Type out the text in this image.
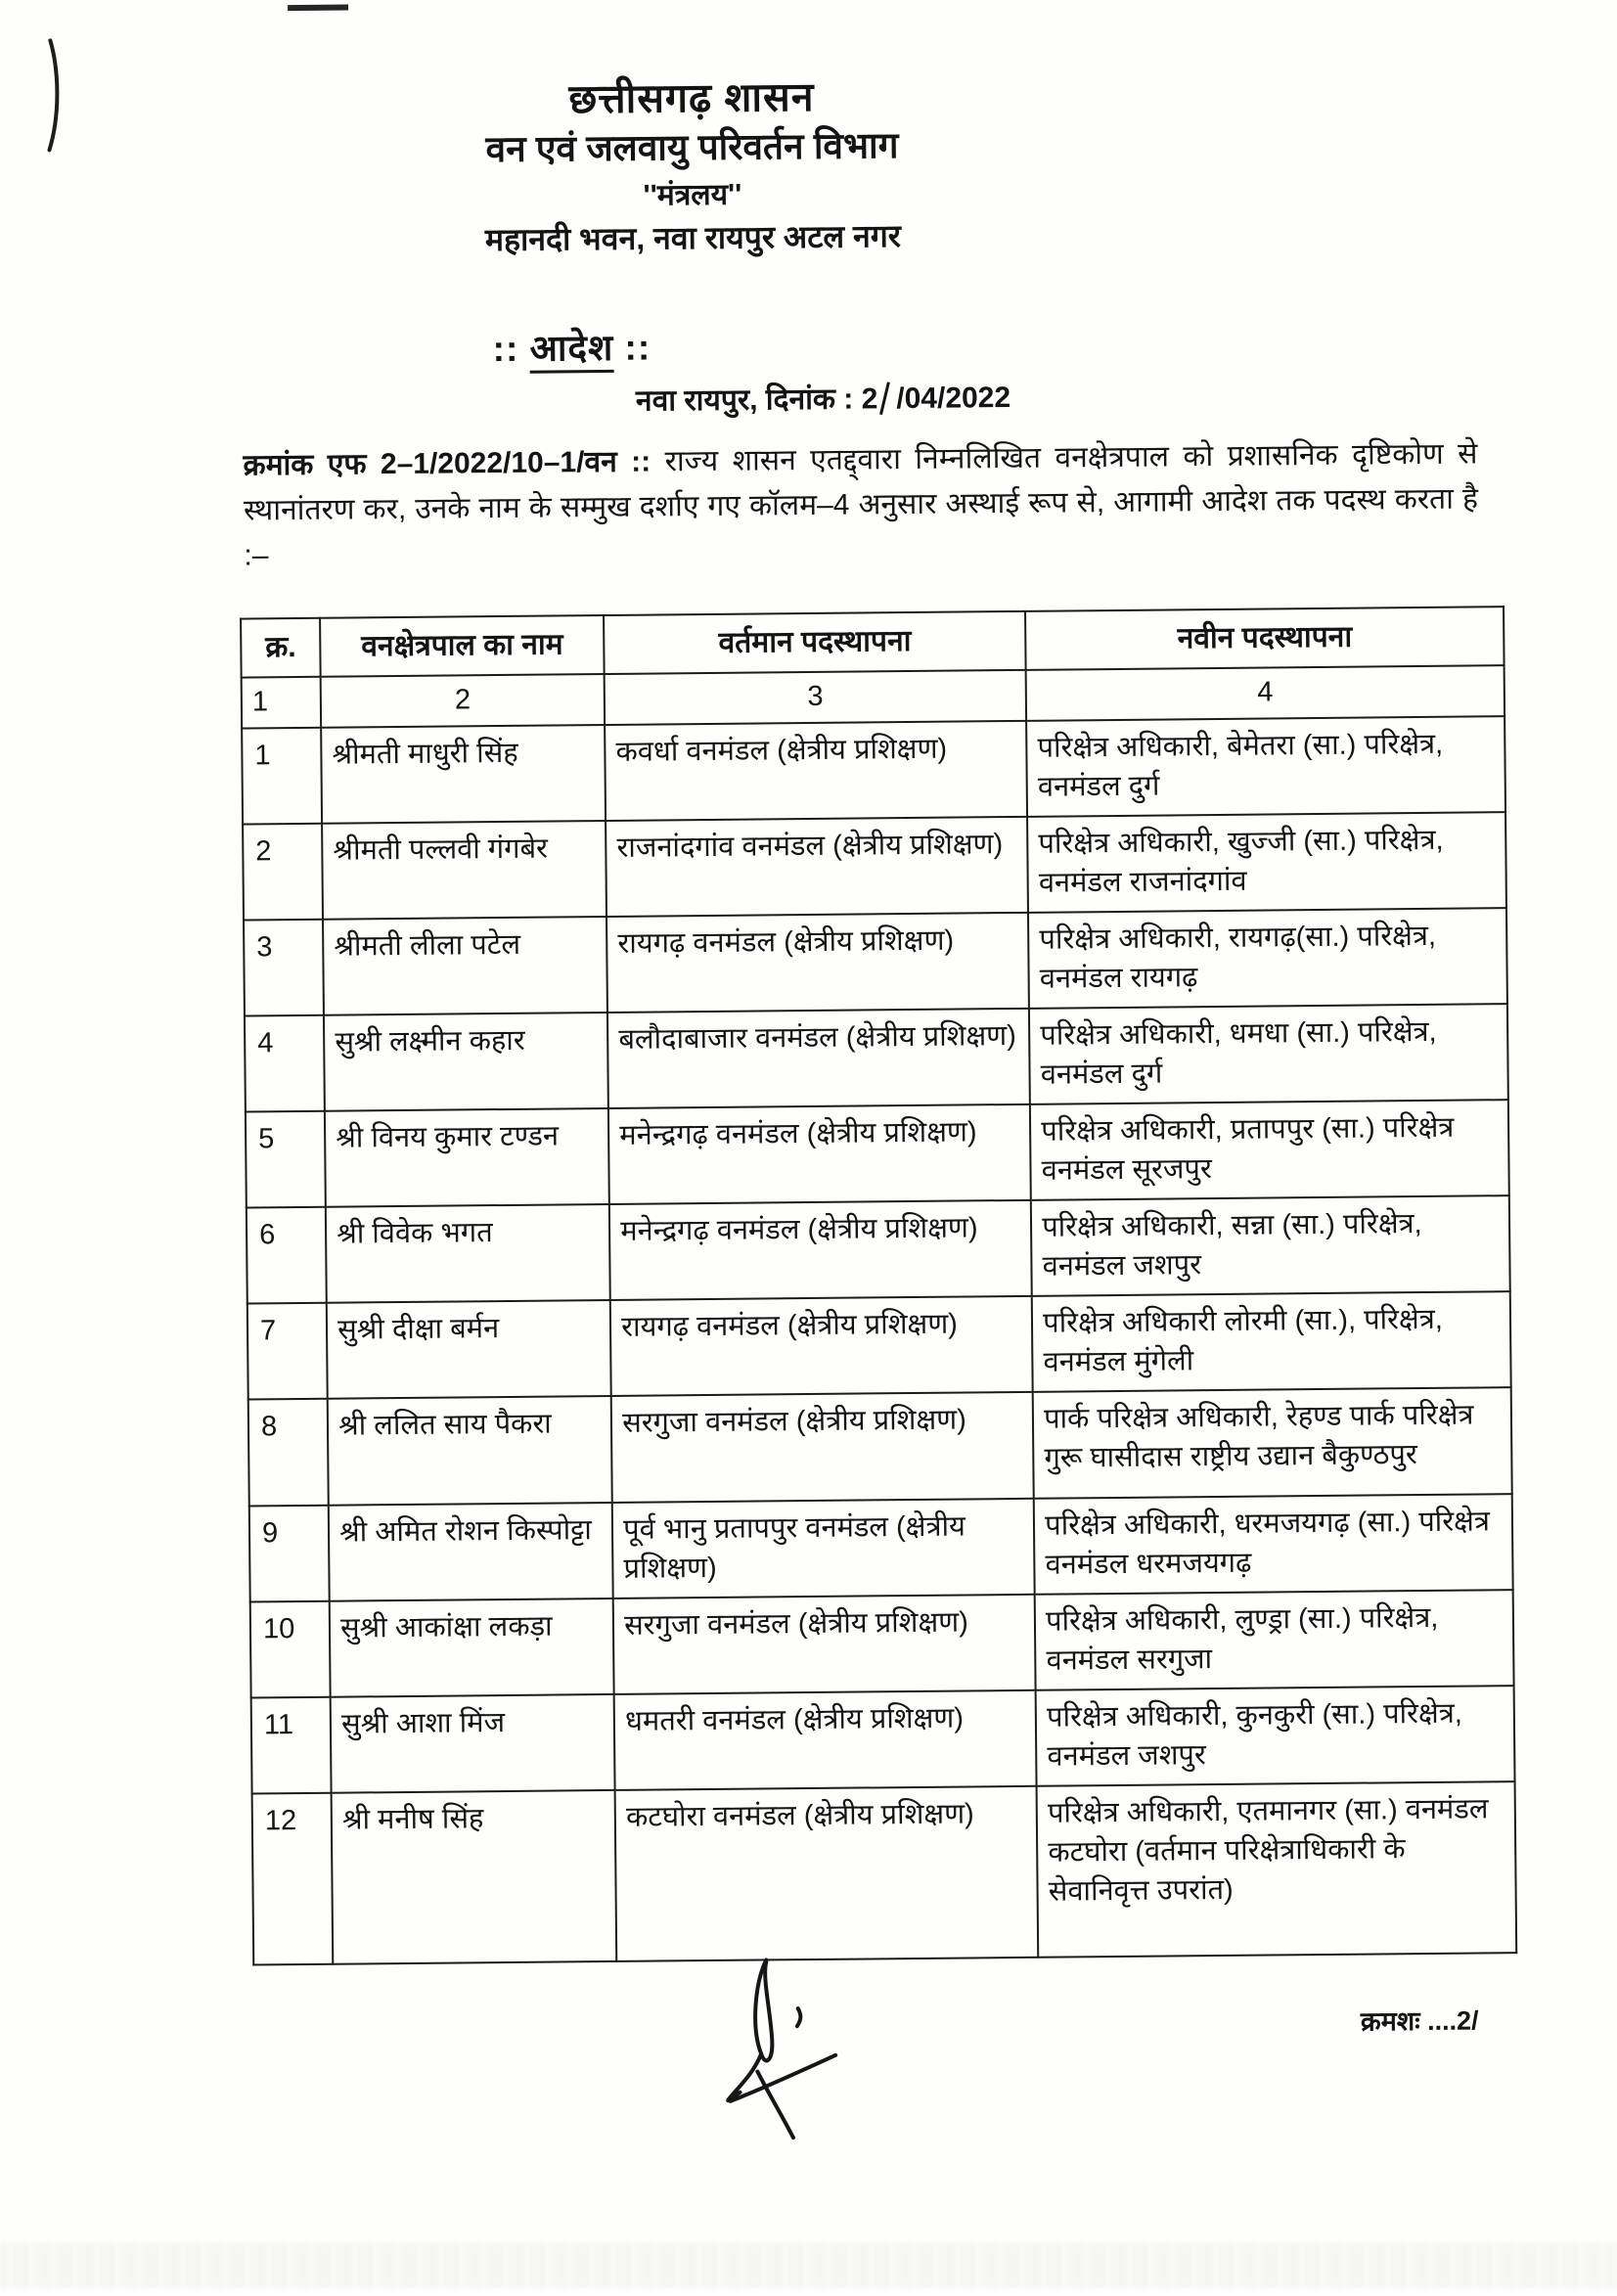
छत्तीसगढ़ शासन
वन एवं जलवायु परिवर्तन विभाग
''मंत्रलय''
महानदी भवन, नवा रायपुर अटल नगर
:: आदेश ::
नवा रायपुर, दिनांक : 2 /04/2022
क्रमांक एफ 2–1/2022/10–1/वन :: राज्य शासन एतद्द्वारा निम्नलिखित वनक्षेत्रपाल को प्रशासनिक दृष्टिकोण से स्थानांतरण कर, उनके नाम के सम्मुख दर्शाए गए कॉलम–4 अनुसार अस्थाई रूप से, आगामी आदेश तक पदस्थ करता है :–
क्र.	वनक्षेत्रपाल का नाम	वर्तमान पदस्थापना	नवीन पदस्थापना
1	2	3	4
1	श्रीमती माधुरी सिंह	कवर्धा वनमंडल (क्षेत्रीय प्रशिक्षण)	परिक्षेत्र अधिकारी, बेमेतरा (सा.) परिक्षेत्र, वनमंडल दुर्ग
2	श्रीमती पल्लवी गंगबेर	राजनांदगांव वनमंडल (क्षेत्रीय प्रशिक्षण)	परिक्षेत्र अधिकारी, खुज्जी (सा.) परिक्षेत्र, वनमंडल राजनांदगांव
3	श्रीमती लीला पटेल	रायगढ़ वनमंडल (क्षेत्रीय प्रशिक्षण)	परिक्षेत्र अधिकारी, रायगढ़(सा.) परिक्षेत्र, वनमंडल रायगढ़
4	सुश्री लक्ष्मीन कहार	बलौदाबाजार वनमंडल (क्षेत्रीय प्रशिक्षण)	परिक्षेत्र अधिकारी, धमधा (सा.) परिक्षेत्र, वनमंडल दुर्ग
5	श्री विनय कुमार टण्डन	मनेन्द्रगढ़ वनमंडल (क्षेत्रीय प्रशिक्षण)	परिक्षेत्र अधिकारी, प्रतापपुर (सा.) परिक्षेत्र वनमंडल सूरजपुर
6	श्री विवेक भगत	मनेन्द्रगढ़ वनमंडल (क्षेत्रीय प्रशिक्षण)	परिक्षेत्र अधिकारी, सन्ना (सा.) परिक्षेत्र, वनमंडल जशपुर
7	सुश्री दीक्षा बर्मन	रायगढ़ वनमंडल (क्षेत्रीय प्रशिक्षण)	परिक्षेत्र अधिकारी लोरमी (सा.), परिक्षेत्र, वनमंडल मुंगेली
8	श्री ललित साय पैकरा	सरगुजा वनमंडल (क्षेत्रीय प्रशिक्षण)	पार्क परिक्षेत्र अधिकारी, रेहण्ड पार्क परिक्षेत्र गुरू घासीदास राष्ट्रीय उद्यान बैकुण्ठपुर
9	श्री अमित रोशन किस्पोट्टा	पूर्व भानु प्रतापपुर वनमंडल (क्षेत्रीय प्रशिक्षण)	परिक्षेत्र अधिकारी, धरमजयगढ़ (सा.) परिक्षेत्र वनमंडल धरमजयगढ़
10	सुश्री आकांक्षा लकड़ा	सरगुजा वनमंडल (क्षेत्रीय प्रशिक्षण)	परिक्षेत्र अधिकारी, लुण्ड्रा (सा.) परिक्षेत्र, वनमंडल सरगुजा
11	सुश्री आशा मिंज	धमतरी वनमंडल (क्षेत्रीय प्रशिक्षण)	परिक्षेत्र अधिकारी, कुनकुरी (सा.) परिक्षेत्र, वनमंडल जशपुर
12	श्री मनीष सिंह	कटघोरा वनमंडल (क्षेत्रीय प्रशिक्षण)	परिक्षेत्र अधिकारी, एतमानगर (सा.) वनमंडल कटघोरा (वर्तमान परिक्षेत्राधिकारी के सेवानिवृत्त उपरांत)
क्रमशः ....2/
